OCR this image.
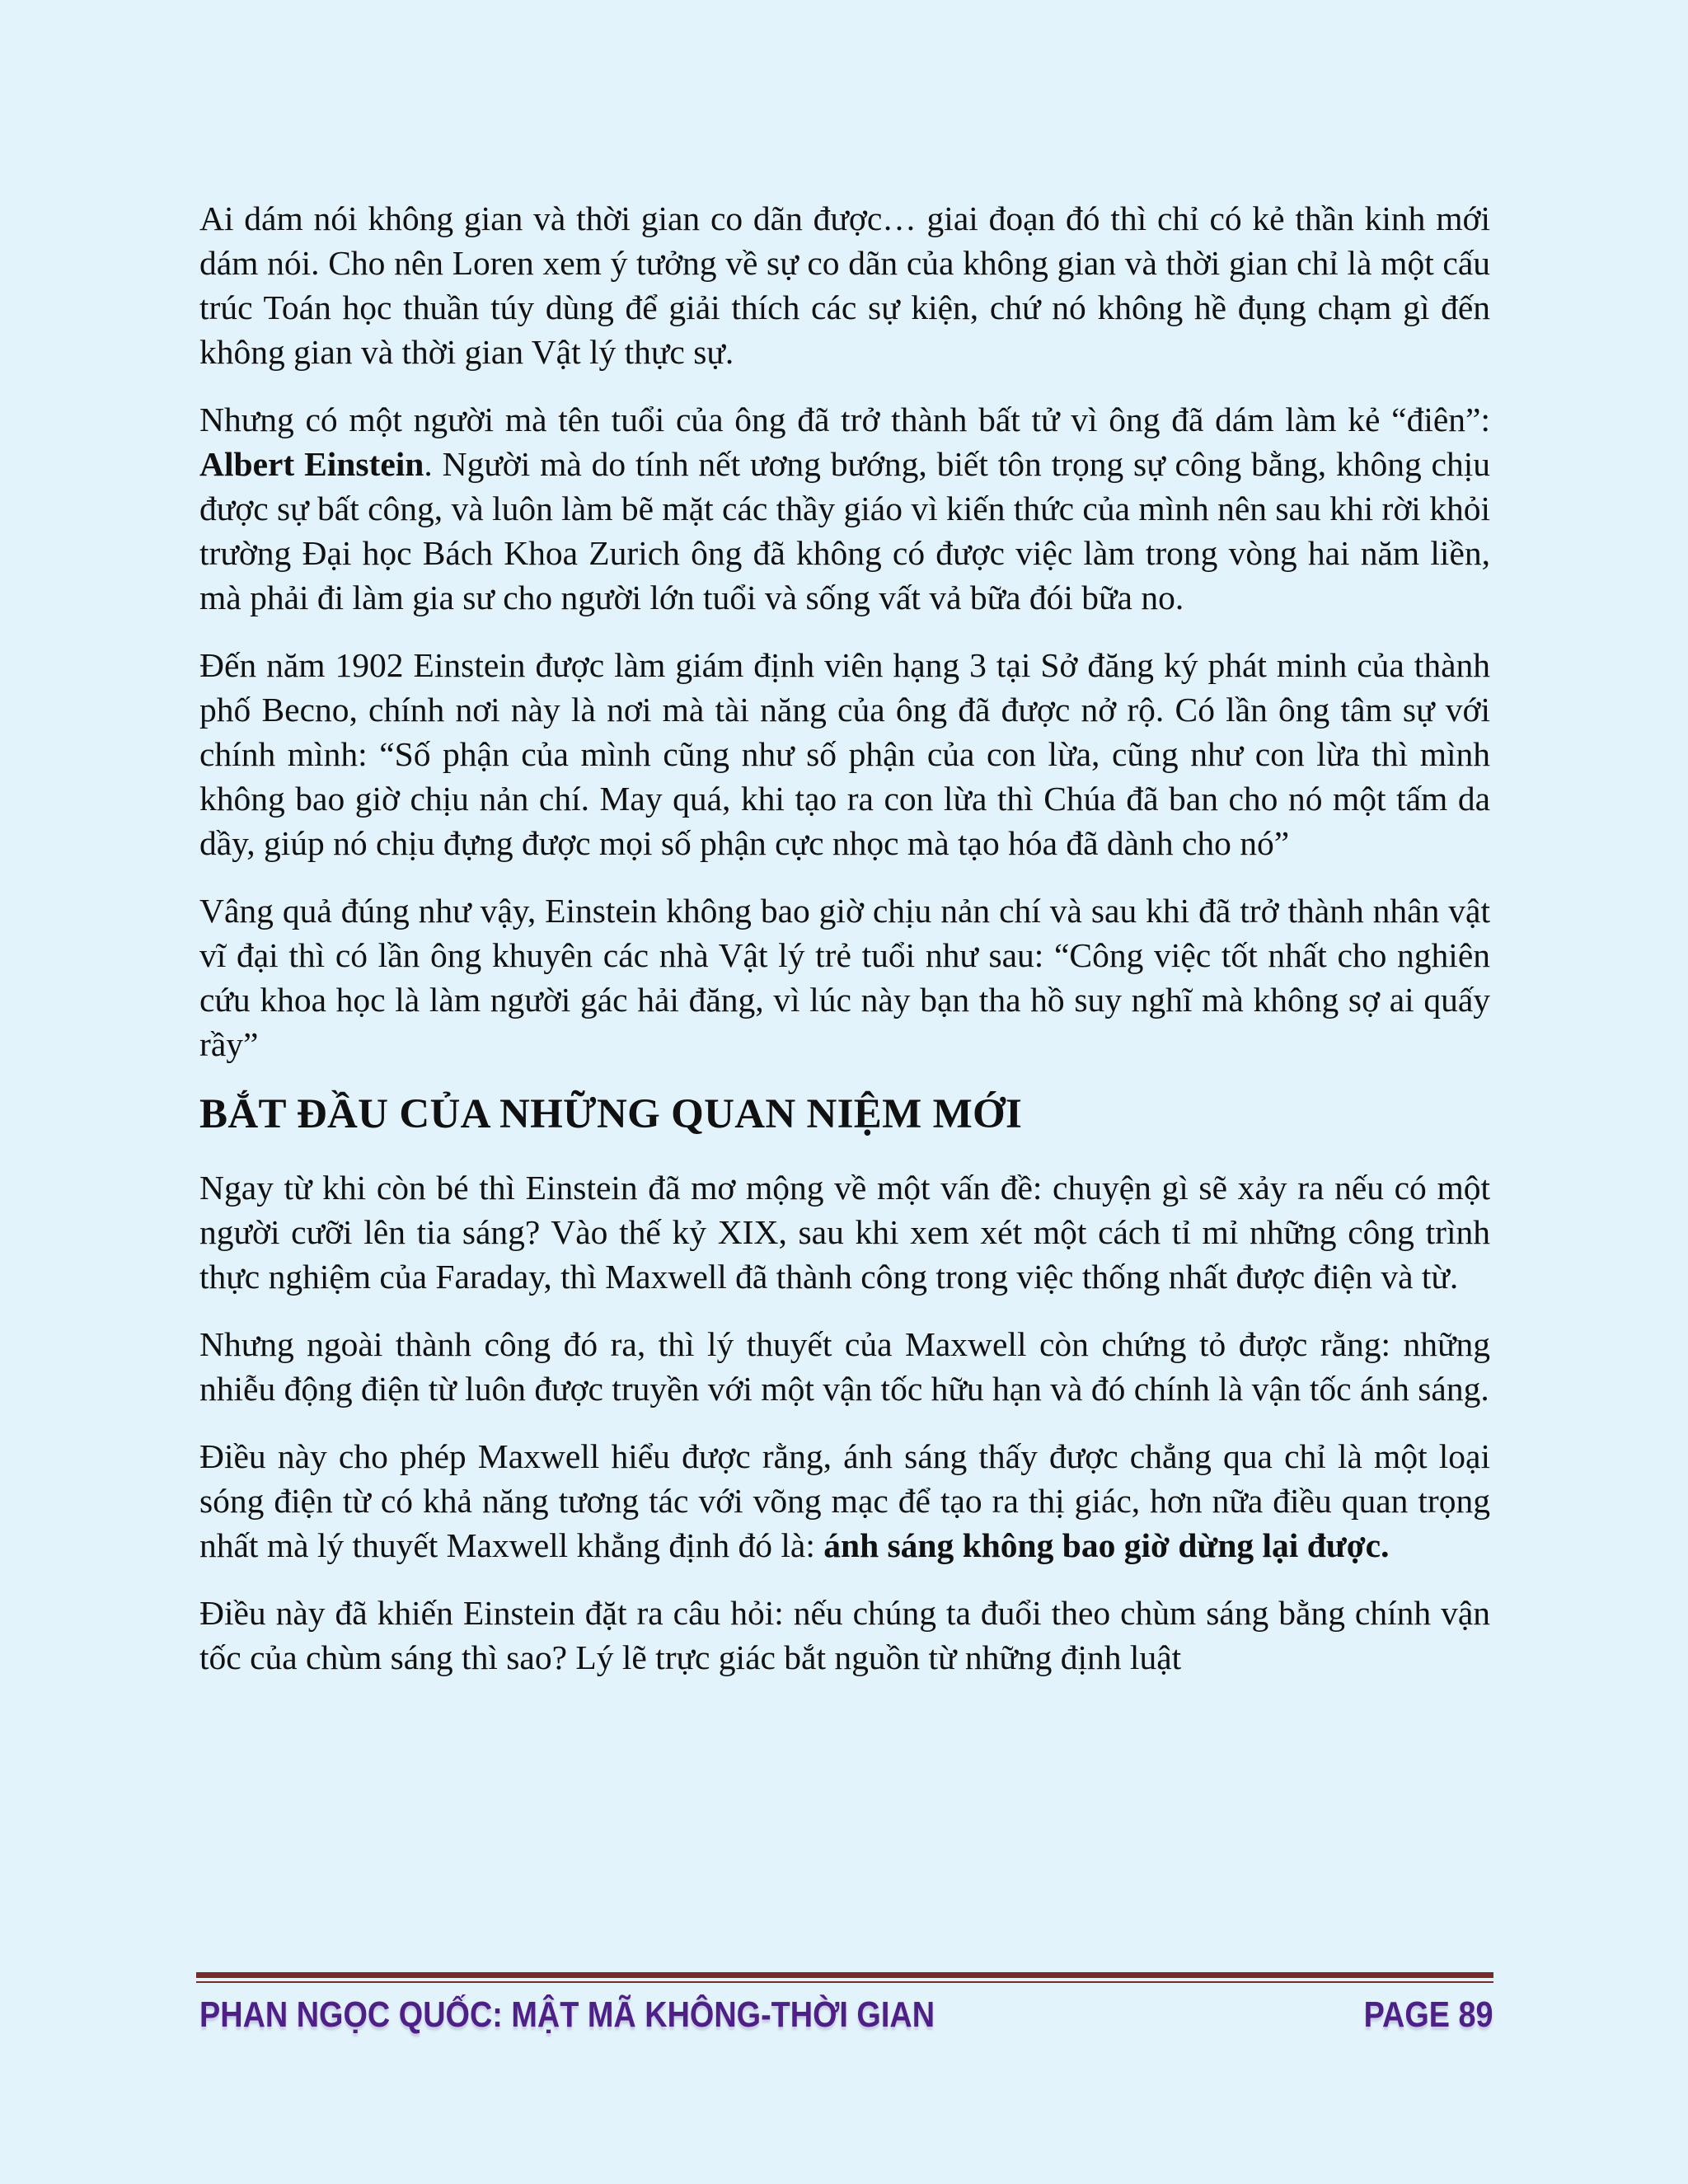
Ai dám nói không gian và thời gian co dãn được… giai đoạn đó thì chỉ có kẻ thần kinh mới dám nói. Cho nên Loren xem ý tưởng về sự co dãn của không gian và thời gian chỉ là một cấu trúc Toán học thuần túy dùng để giải thích các sự kiện, chứ nó không hề đụng chạm gì đến không gian và thời gian Vật lý thực sự.

Nhưng có một người mà tên tuổi của ông đã trở thành bất tử vì ông đã dám làm kẻ “điên”: Albert Einstein. Người mà do tính nết ương bướng, biết tôn trọng sự công bằng, không chịu được sự bất công, và luôn làm bẽ mặt các thầy giáo vì kiến thức của mình nên sau khi rời khỏi trường Đại học Bách Khoa Zurich ông đã không có được việc làm trong vòng hai năm liền, mà phải đi làm gia sư cho người lớn tuổi và sống vất vả bữa đói bữa no.

Đến năm 1902 Einstein được làm giám định viên hạng 3 tại Sở đăng ký phát minh của thành phố Becno, chính nơi này là nơi mà tài năng của ông đã được nở rộ. Có lần ông tâm sự với chính mình: “Số phận của mình cũng như số phận của con lừa, cũng như con lừa thì mình không bao giờ chịu nản chí. May quá, khi tạo ra con lừa thì Chúa đã ban cho nó một tấm da dầy, giúp nó chịu đựng được mọi số phận cực nhọc mà tạo hóa đã dành cho nó”

Vâng quả đúng như vậy, Einstein không bao giờ chịu nản chí và sau khi đã trở thành nhân vật vĩ đại thì có lần ông khuyên các nhà Vật lý trẻ tuổi như sau: “Công việc tốt nhất cho nghiên cứu khoa học là làm người gác hải đăng, vì lúc này bạn tha hồ suy nghĩ mà không sợ ai quấy rầy”

BẮT ĐẦU CỦA NHỮNG QUAN NIỆM MỚI

Ngay từ khi còn bé thì Einstein đã mơ mộng về một vấn đề: chuyện gì sẽ xảy ra nếu có một người cưỡi lên tia sáng? Vào thế kỷ XIX, sau khi xem xét một cách tỉ mỉ những công trình thực nghiệm của Faraday, thì Maxwell đã thành công trong việc thống nhất được điện và từ.

Nhưng ngoài thành công đó ra, thì lý thuyết của Maxwell còn chứng tỏ được rằng: những nhiễu động điện từ luôn được truyền với một vận tốc hữu hạn và đó chính là vận tốc ánh sáng.

Điều này cho phép Maxwell hiểu được rằng, ánh sáng thấy được chẳng qua chỉ là một loại sóng điện từ có khả năng tương tác với võng mạc để tạo ra thị giác, hơn nữa điều quan trọng nhất mà lý thuyết Maxwell khẳng định đó là: ánh sáng không bao giờ dừng lại được.

Điều này đã khiến Einstein đặt ra câu hỏi: nếu chúng ta đuổi theo chùm sáng bằng chính vận tốc của chùm sáng thì sao? Lý lẽ trực giác bắt nguồn từ những định luật

PHAN NGỌC QUỐC: MẬT MÃ KHÔNG-THỜI GIAN	PAGE 89
